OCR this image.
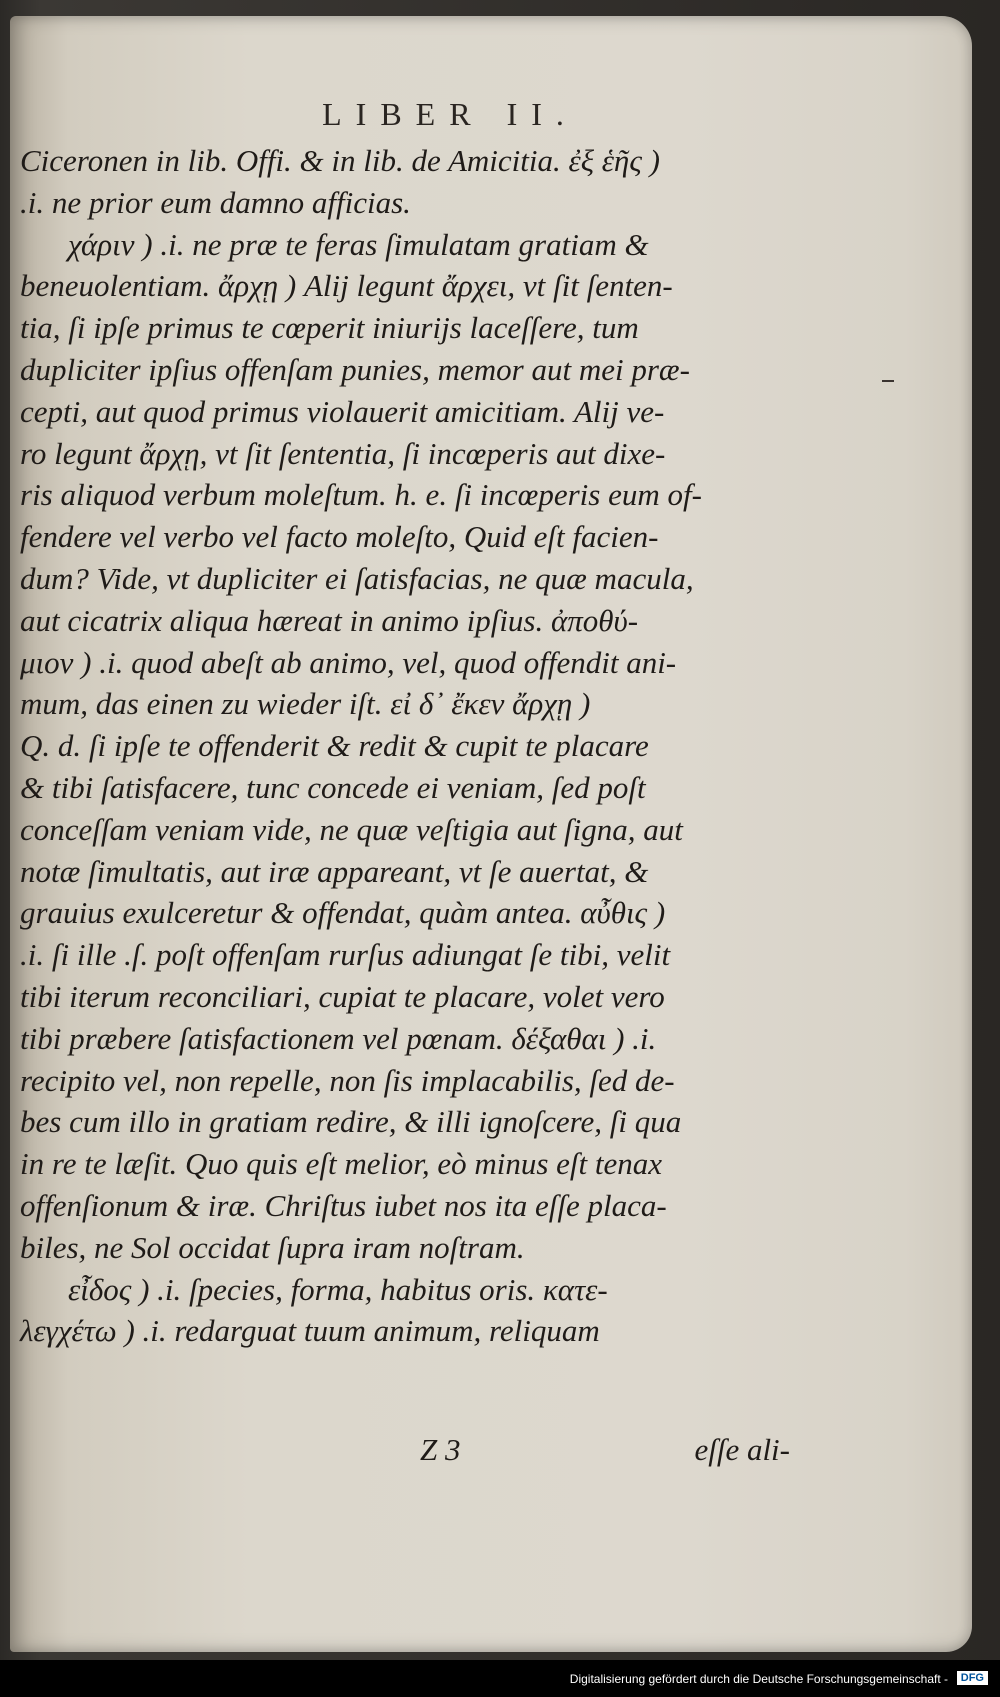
LIBER II.
Ciceronen in lib. Offi. & in lib. de Amicitia. ἐξ ἑῆς )
.i. ne prior eum damno afficias.
χάριν ) .i. ne præ te feras ſimulatam gratiam &
beneuolentiam. ἄρχῃ ) Alij legunt ἄρχει, vt ſit ſenten-
tia, ſi ipſe primus te cœperit iniurijs laceſſere, tum
dupliciter ipſius offenſam punies, memor aut mei præ-
cepti, aut quod primus violauerit amicitiam. Alij ve-
ro legunt ἄρχῃ, vt ſit ſententia, ſi incœperis aut dixe-
ris aliquod verbum moleſtum. h. e. ſi incœperis eum of-
fendere vel verbo vel facto moleſto, Quid eſt facien-
dum? Vide, vt dupliciter ei ſatisfacias, ne quæ macula,
aut cicatrix aliqua hæreat in animo ipſius. ἀποθύ-
μιον ) .i. quod abeſt ab animo, vel, quod offendit ani-
mum, das einen zu wieder iſt. εἰ δ᾽ ἔκεν ἄρχῃ )
Q. d. ſi ipſe te offenderit & redit & cupit te placare
& tibi ſatisfacere, tunc concede ei veniam, ſed poſt
conceſſam veniam vide, ne quæ veſtigia aut ſigna, aut
notæ ſimultatis, aut iræ appareant, vt ſe auertat, &
grauius exulceretur & offendat, quàm antea. αὖθις )
.i. ſi ille .ſ. poſt offenſam rurſus adiungat ſe tibi, velit
tibi iterum reconciliari, cupiat te placare, volet vero
tibi præbere ſatisfactionem vel pœnam. δέξαθαι ) .i.
recipito vel, non repelle, non ſis implacabilis, ſed de-
bes cum illo in gratiam redire, & illi ignoſcere, ſi qua
in re te læſit. Quo quis eſt melior, eò minus eſt tenax
offenſionum & iræ. Chriſtus iubet nos ita eſſe placa-
biles, ne Sol occidat ſupra iram noſtram.
εἶδος ) .i. ſpecies, forma, habitus oris. κατε-
λεγχέτω ) .i. redarguat tuum animum, reliquam
Z 3	eſſe ali-
Digitalisierung gefördert durch die Deutsche Forschungsgemeinschaft -	DFG
